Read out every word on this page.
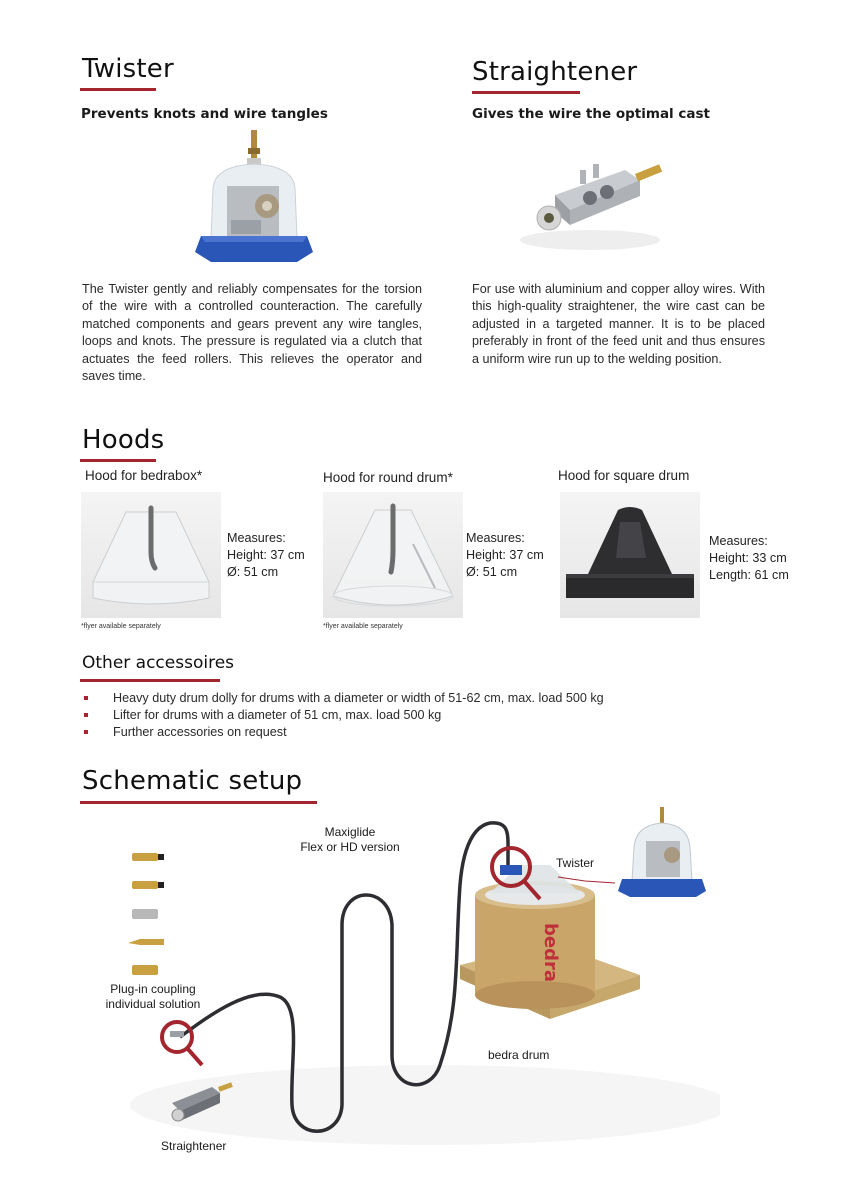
Twister
Prevents knots and wire tangles
The Twister gently and reliably compensates for the torsion of the wire with a controlled counteraction. The carefully matched components and gears prevent any wire tangles, loops and knots. The pressure is regulated via a clutch that actuates the feed rollers. This relieves the operator and saves time.
Straightener
Gives the wire the optimal cast
For use with aluminium and copper alloy wires. With this high-quality straightener, the wire cast can be adjusted in a targeted manner. It is to be placed preferably in front of the feed unit and thus ensures a uniform wire run up to the welding position.
Hoods
Hood for bedrabox*
Measures:
Height: 37 cm
Ø: 51 cm
*flyer available separately
Hood for round drum*
Measures:
Height: 37 cm
Ø: 51 cm
*flyer available separately
Hood for square drum
Measures:
Height: 33 cm
Length: 61 cm
Other accessoires
Heavy duty drum dolly for drums with a diameter or width of 51-62 cm, max. load 500 kg
Lifter for drums with a diameter of 51 cm, max. load 500 kg
Further accessories on request
Schematic setup
bedra
Maxiglide
Flex or HD version
Twister
Plug-in coupling
individual solution
bedra drum
Straightener
